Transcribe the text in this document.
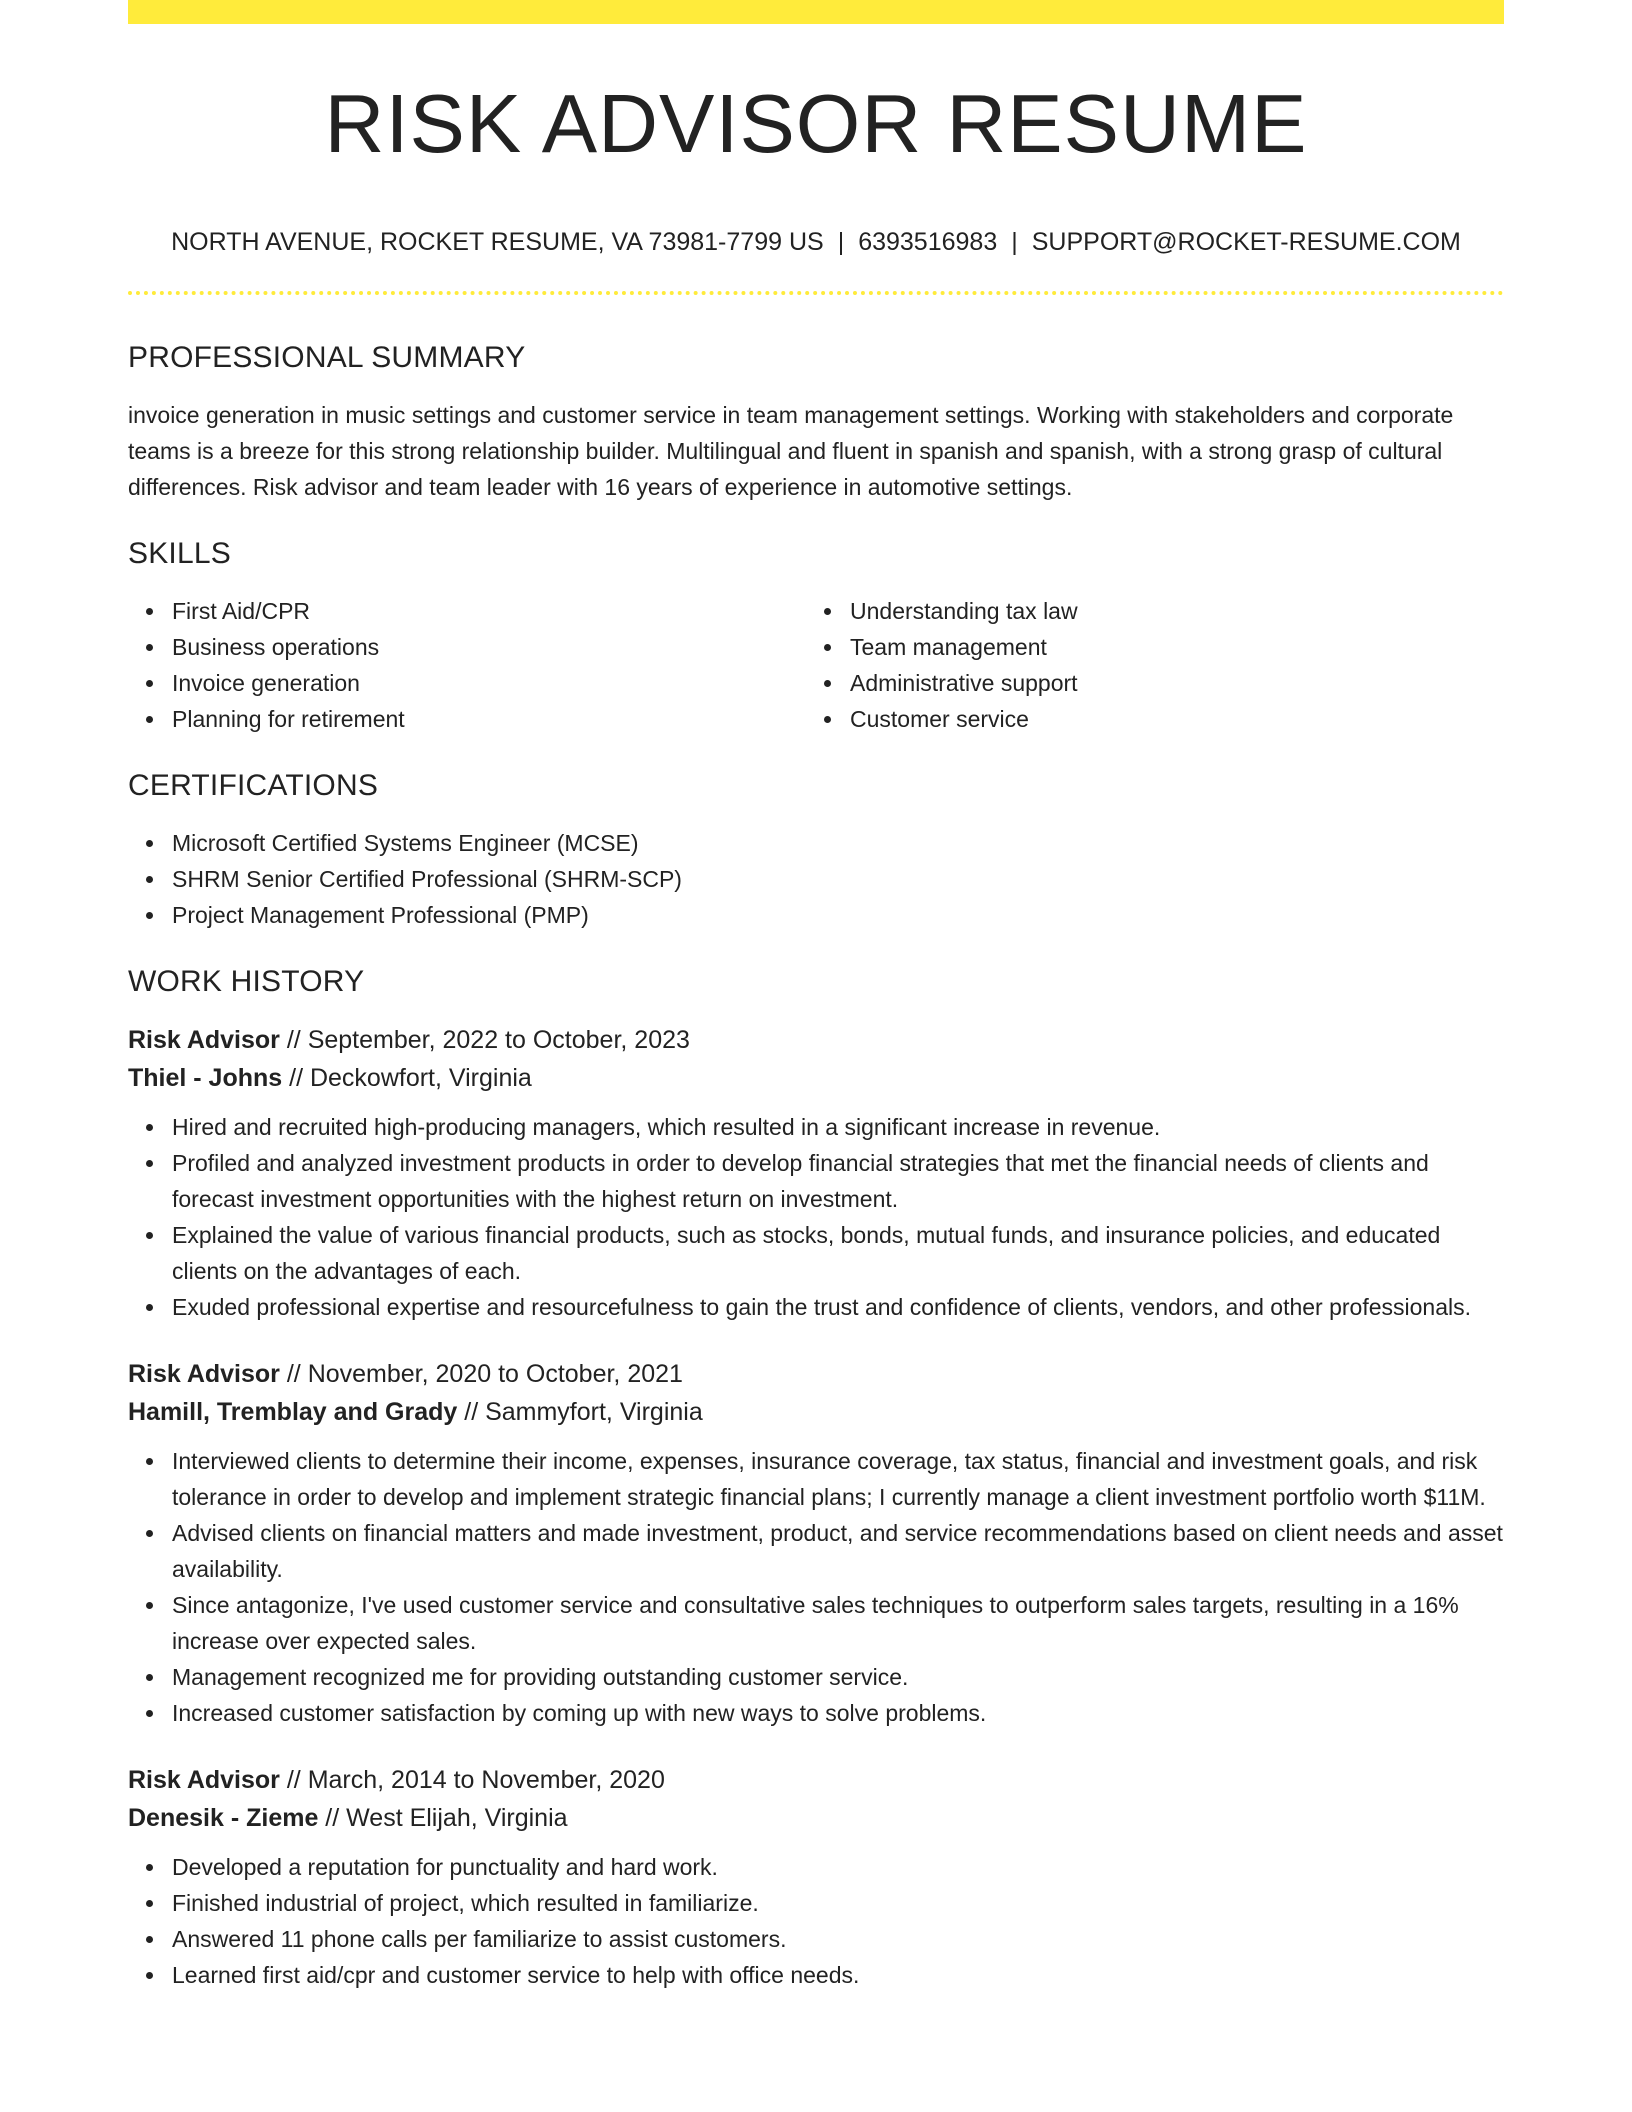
RISK ADVISOR RESUME
NORTH AVENUE, ROCKET RESUME, VA 73981-7799 US | 6393516983 | SUPPORT@ROCKET-RESUME.COM
PROFESSIONAL SUMMARY

invoice generation in music settings and customer service in team management settings. Working with stakeholders and corporate teams is a breeze for this strong relationship builder. Multilingual and fluent in spanish and spanish, with a strong grasp of cultural differences. Risk advisor and team leader with 16 years of experience in automotive settings.

SKILLS
First Aid/CPR
Business operations
Invoice generation
Planning for retirement
Understanding tax law
Team management
Administrative support
Customer service
CERTIFICATIONS
Microsoft Certified Systems Engineer (MCSE)
SHRM Senior Certified Professional (SHRM-SCP)
Project Management Professional (PMP)
WORK HISTORY
Risk Advisor // September, 2022 to October, 2023
Thiel - Johns // Deckowfort, Virginia
Hired and recruited high-producing managers, which resulted in a significant increase in revenue.
Profiled and analyzed investment products in order to develop financial strategies that met the financial needs of clients and forecast investment opportunities with the highest return on investment.
Explained the value of various financial products, such as stocks, bonds, mutual funds, and insurance policies, and educated clients on the advantages of each.
Exuded professional expertise and resourcefulness to gain the trust and confidence of clients, vendors, and other professionals.
Risk Advisor // November, 2020 to October, 2021
Hamill, Tremblay and Grady // Sammyfort, Virginia
Interviewed clients to determine their income, expenses, insurance coverage, tax status, financial and investment goals, and risk tolerance in order to develop and implement strategic financial plans; I currently manage a client investment portfolio worth $11M.
Advised clients on financial matters and made investment, product, and service recommendations based on client needs and asset availability.
Since antagonize, I've used customer service and consultative sales techniques to outperform sales targets, resulting in a 16% increase over expected sales.
Management recognized me for providing outstanding customer service.
Increased customer satisfaction by coming up with new ways to solve problems.
Risk Advisor // March, 2014 to November, 2020
Denesik - Zieme // West Elijah, Virginia
Developed a reputation for punctuality and hard work.
Finished industrial of project, which resulted in familiarize.
Answered 11 phone calls per familiarize to assist customers.
Learned first aid/cpr and customer service to help with office needs.
